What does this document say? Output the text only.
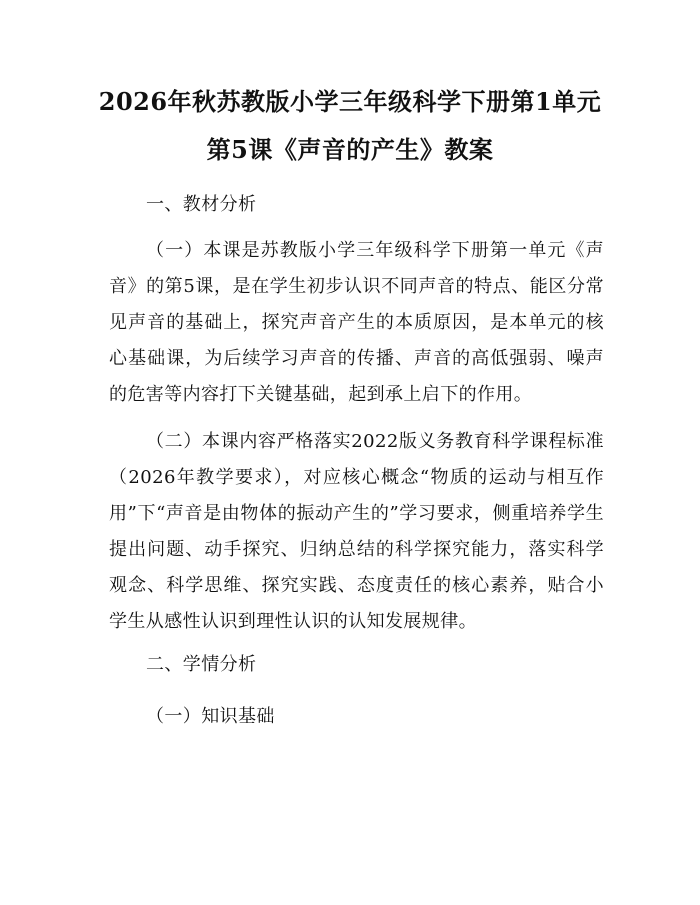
2026年秋苏教版小学三年级科学下册第1单元第5课《声音的产生》教案
一、教材分析
（一）本课是苏教版小学三年级科学下册第一单元《声音》的第5课，是在学生初步认识不同声音的特点、能区分常见声音的基础上，探究声音产生的本质原因，是本单元的核心基础课，为后续学习声音的传播、声音的高低强弱、噪声的危害等内容打下关键基础，起到承上启下的作用。
（二）本课内容严格落实2022版义务教育科学课程标准（2026年教学要求），对应核心概念“物质的运动与相互作用”下“声音是由物体的振动产生的”学习要求，侧重培养学生提出问题、动手探究、归纳总结的科学探究能力，落实科学观念、科学思维、探究实践、态度责任的核心素养，贴合小学生从感性认识到理性认识的认知发展规律。
二、学情分析
（一）知识基础
